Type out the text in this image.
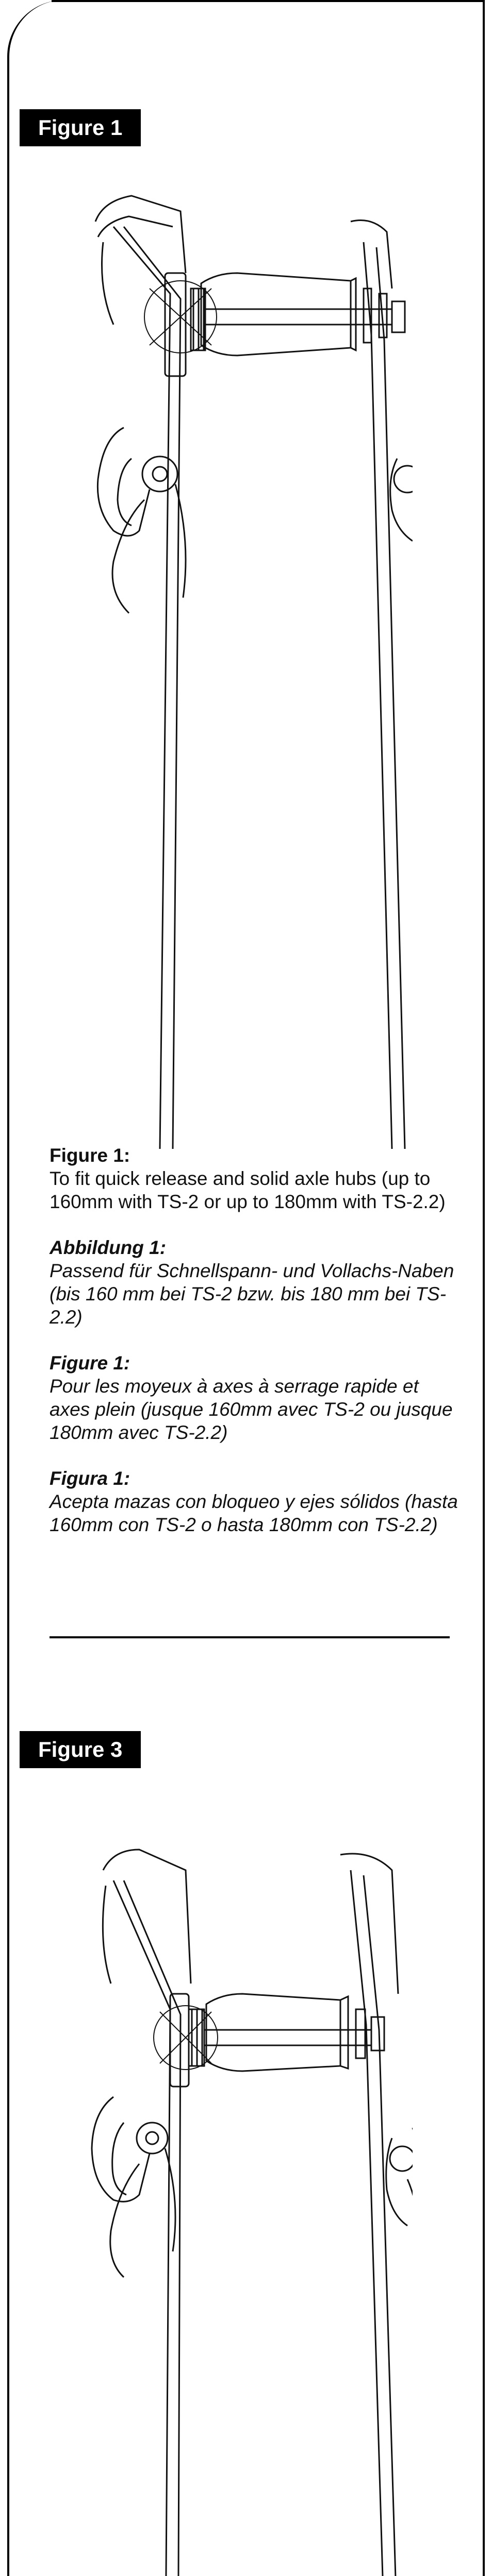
Figure 1
Figure 1:
To fit quick release and solid axle hubs (up to 160mm with TS-2 or up to 180mm with TS-2.2)
Abbildung 1:
Passend für Schnellspann- und Vollachs-Naben (bis 160 mm bei TS-2 bzw. bis 180 mm bei TS-2.2)
Figure 1:
Pour les moyeux à axes à serrage rapide et axes plein (jusque 160mm avec TS-2 ou jusque 180mm avec TS-2.2)
Figura 1:
Acepta mazas con bloqueo y ejes sólidos (hasta 160mm con TS-2 o hasta 180mm con TS-2.2)
Figure 3
